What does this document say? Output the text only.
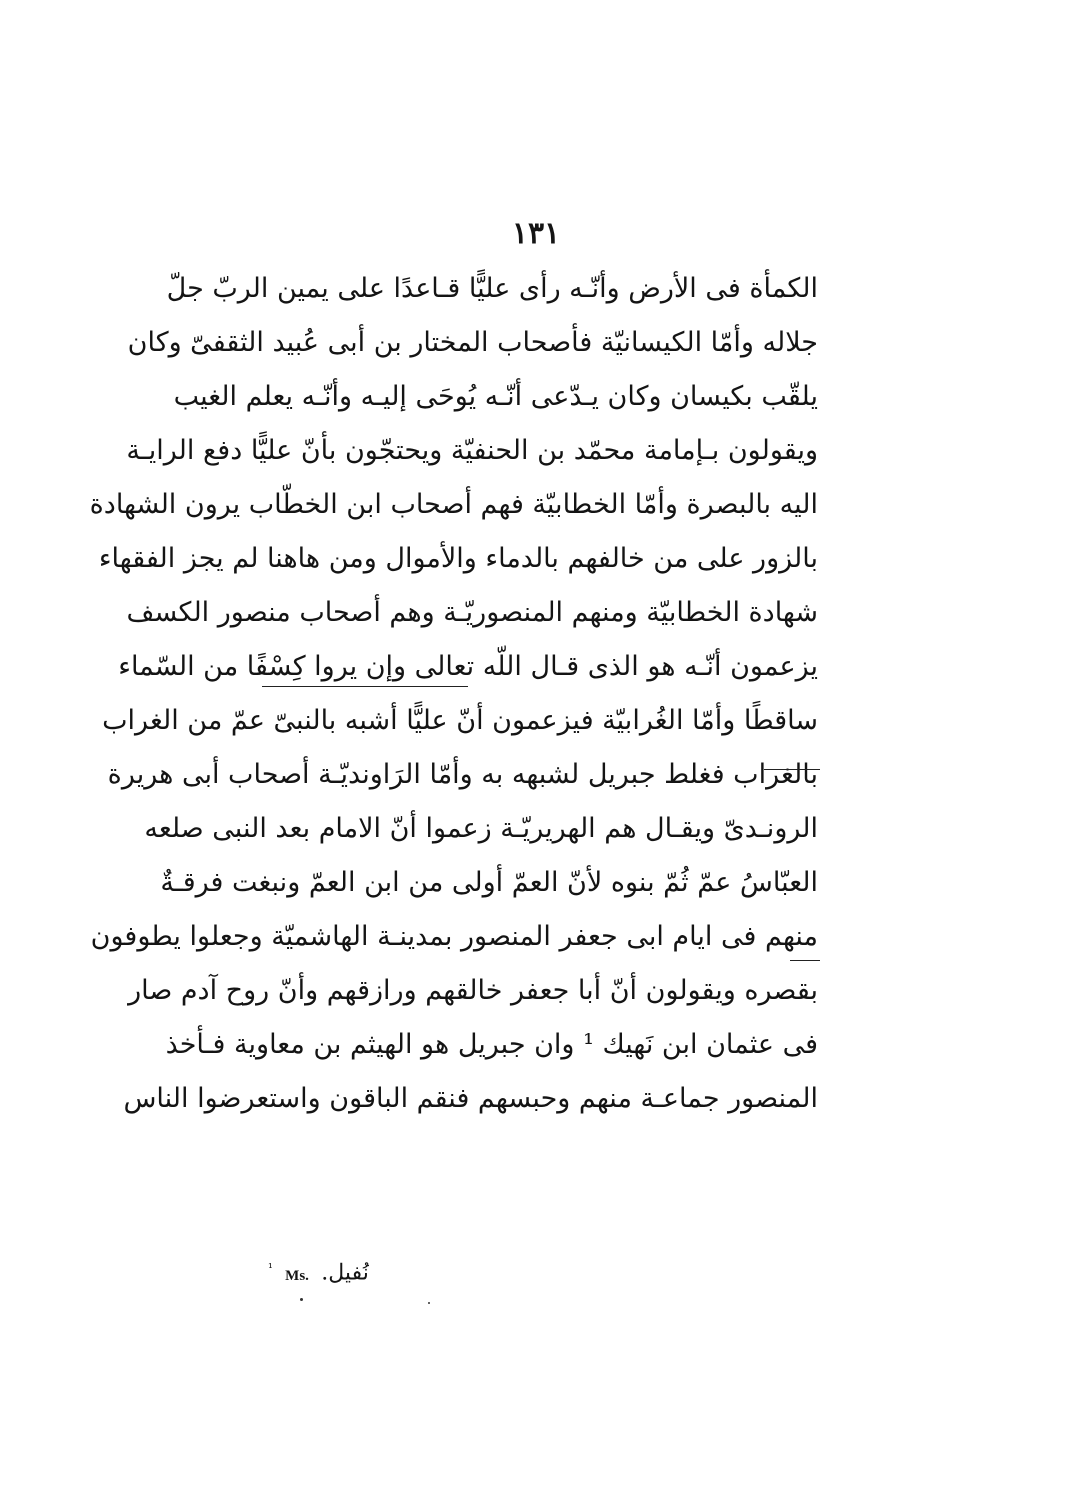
١٣١
الكمأة فى الأرض وأنّـه رأى عليًّا قـاعدًا على يمين الربّ جلّ
جلاله وأمّا الكيسانيّة فأصحاب المختار بن أبى عُبيد الثقفىّ وكان
يلقّب بكيسان وكان يـدّعى أنّـه يُوحَى إليـه وأنّـه يعلم الغيب
ويقولون بـإمامة محمّد بن الحنفيّة ويحتجّون بأنّ عليًّا دفع الرايـة
اليه بالبصرة وأمّا الخطابيّة فهم أصحاب ابن الخطّاب يرون الشهادة
بالزور على من خالفهم بالدماء والأموال ومن هاهنا لم يجز الفقهاء
شهادة الخطابيّة ومنهم المنصوريّـة وهم أصحاب منصور الكسف
يزعمون أنّـه هو الذى قـال اللّه تعالى وإن يروا كِسْفًا من السّماء
ساقطًا وأمّا الغُرابيّة فيزعمون أنّ عليًّا أشبه بالنبىّ عمّ من الغراب
بالغراب فغلط جبريل لشبهه به وأمّا الرَاونديّـة أصحاب أبى هريرة
الرونـدىّ ويقـال هم الهريريّـة زعموا أنّ الامام بعد النبى صلعه
العبّاسُ عمّ ثُمّ بنوه لأنّ العمّ أولى من ابن العمّ ونبغت فرقـةٌ
منهم فى ايام ابى جعفر المنصور بمدينـة الهاشميّة وجعلوا يطوفون
بقصره ويقولون أنّ أبا جعفر خالقهم ورازقهم وأنّ روح آدم صار
فى عثمان ابن نَهيك ¹ وان جبريل هو الهيثم بن معاوية فـأخذ
المنصور جماعـة منهم وحبسهم فنقم الباقون واستعرضوا الناس
$^{^1}$ Ms. نُفيل.
